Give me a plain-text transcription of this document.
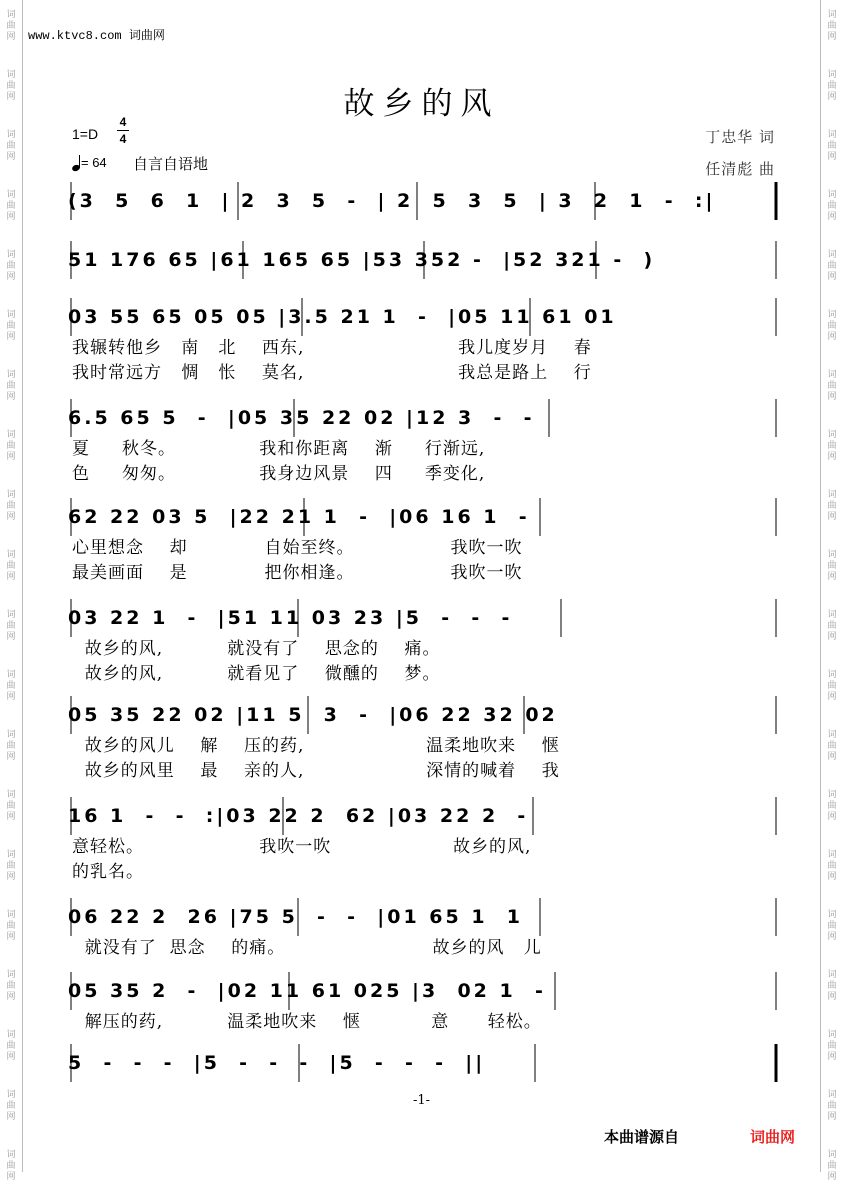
词
曲
网
词
曲
网
词
曲
网
词
曲
网
词
曲
网
词
曲
网
词
曲
网
词
曲
网
词
曲
网
词
曲
网
词
曲
网
词
曲
网
词
曲
网
词
曲
网
词
曲
网
词
曲
网
词
曲
网
词
曲
网
词
曲
网
词
曲
网
词
曲
网
词
曲
网
词
曲
网
词
曲
网
词
曲
网
词
曲
网
词
曲
网
词
曲
网
词
曲
网
词
曲
网
词
曲
网
词
曲
网
词
曲
网
词
曲
网
词
曲
网
词
曲
网
词
曲
网
词
曲
网
词
曲
网
词
曲
网
www.ktvc8.com 词曲网
故乡的风
1=D
4
4
= 64 自言自语地
丁忠华 词
任清彪 曲
(3  5  6  1  | 2  3  5  -  | 2  5  3  5  | 3  2  1  -  :|
51 176 65 |61 165 65 |53 352 -  |52 321 -  )
03 55 65 05 05 |3.5 21 1  -  |05 11 61 01
我辗转他乡   南   北    西东,                        我儿度岁月    春
我时常远方   惆   怅    莫名,                        我总是路上    行
6.5 65 5  -  |05 35 22 02 |12 3  -  -
夏     秋冬。             我和你距离    渐     行渐远,
色     匆匆。             我身边风景    四     季变化,
62 22 03 5  |22 21 1  -  |06 16 1  -
心里想念    却            自始至终。               我吹一吹
最美画面    是            把你相逢。               我吹一吹
03 22 1  -  |51 11 03 23 |5  -  -  -
故乡的风,          就没有了    思念的    痛。
故乡的风,          就看见了    微醺的    梦。
05 35 22 02 |11 5  3  -  |06 22 32 02
故乡的风儿    解    压的药,                   温柔地吹来    惬
故乡的风里    最    亲的人,                   深情的喊着    我
16 1  -  -  :|03 22 2  62 |03 22 2  -
意轻松。                  我吹一吹                   故乡的风,
的乳名。
06 22 2  26 |75 5  -  -  |01 65 1  1
就没有了  思念    的痛。                       故乡的风   儿
05 35 2  -  |02 11 61 025 |3  02 1  -
解压的药,          温柔地吹来    惬           意      轻松。
5  -  -  -  |5  -  -  -  |5  -  -  -  ||
-1-
本曲谱源自	词曲网
